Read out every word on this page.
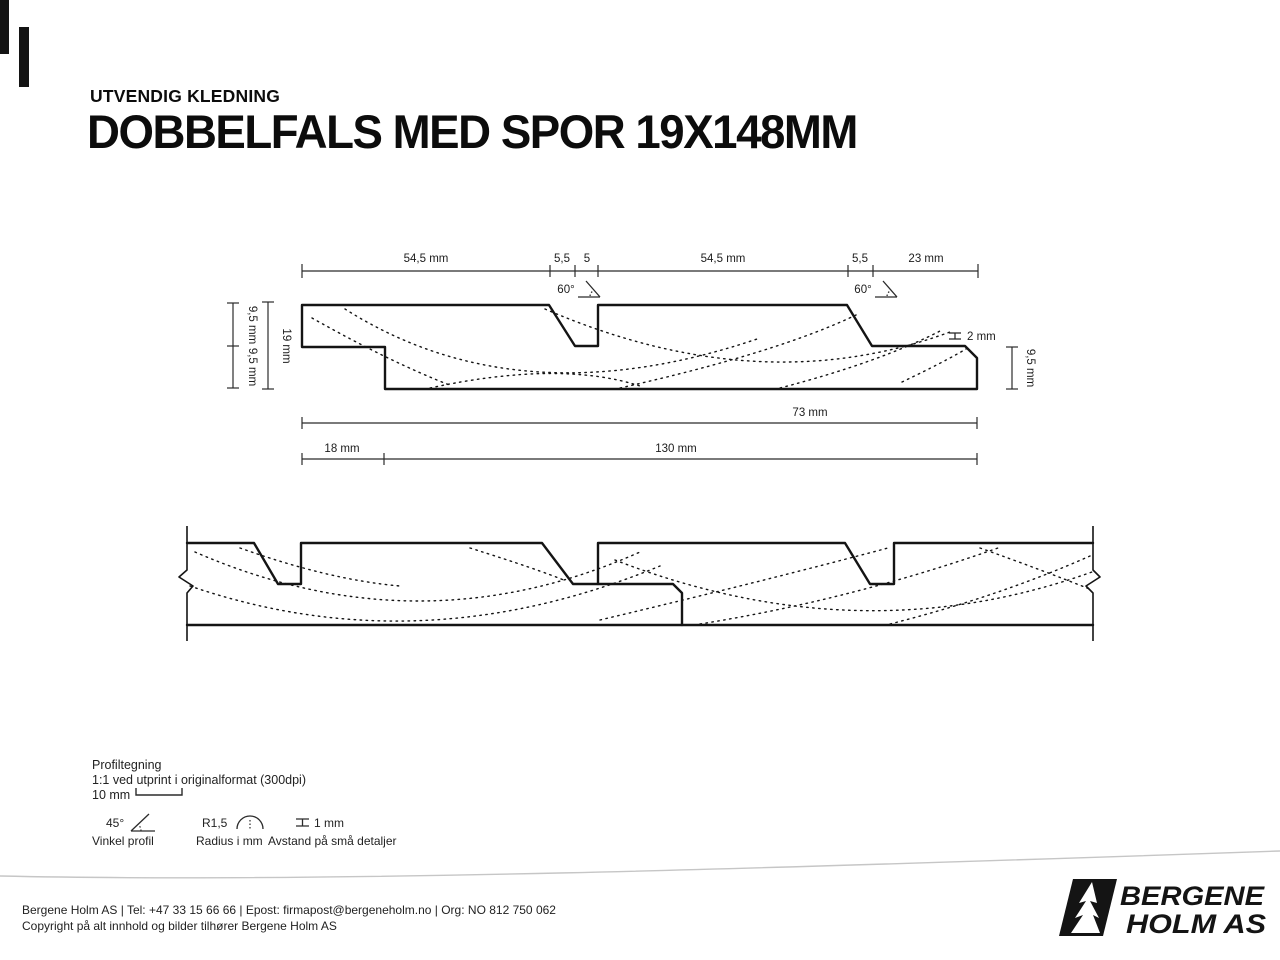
54,5 mm	5,5 5	54,5 mm	5,5	23 mm
60°	60°
9,5 mm
9,5 mm
19 mm
9,5 mm
2 mm
73 mm
18 mm	130 mm
UTVENDIG KLEDNING
DOBBELFALS MED SPOR 19X148MM
Profiltegning
1:1 ved utprint i originalformat (300dpi)
10 mm
45°
Vinkel profil
R1,5
Radius i mm
1 mm
Avstand på små detaljer
Bergene Holm AS | Tel: +47 33 15 66 66 | Epost: firmapost@bergeneholm.no | Org: NO 812 750 062
Copyright på alt innhold og bilder tilhører Bergene Holm AS
BERGENE
HOLM AS
